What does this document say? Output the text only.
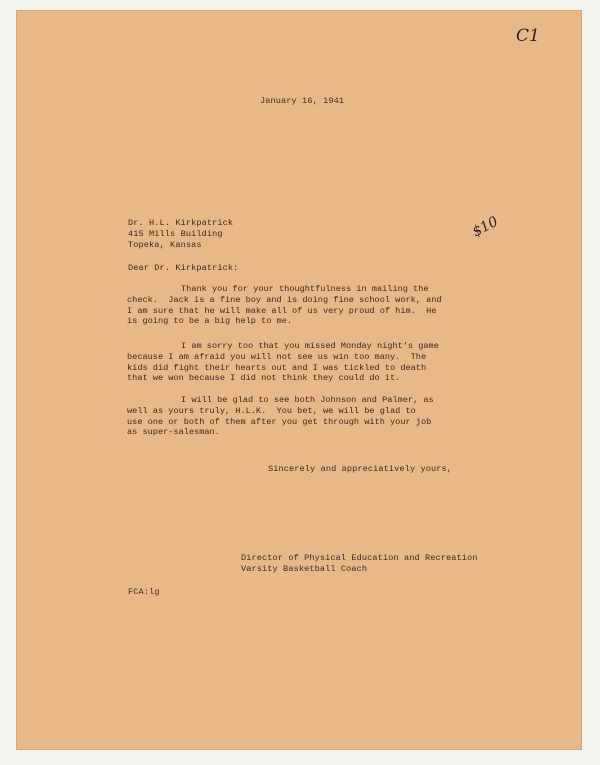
C1
January 16, 1941
Dr. H.L. Kirkpatrick
415 Mills Building
Topeka, Kansas
$10
Dear Dr. Kirkpatrick:
Thank you for your thoughtfulness in mailing the
check.  Jack is a fine boy and is doing fine school work, and
I am sure that he will make all of us very proud of him.  He
is going to be a big help to me.
I am sorry too that you missed Monday night's game
because I am afraid you will not see us win too many.  The
kids did fight their hearts out and I was tickled to death
that we won because I did not think they could do it.
I will be glad to see both Johnson and Palmer, as
well as yours truly, H.L.K.  You bet, we will be glad to
use one or both of them after you get through with your job
as super-salesman.
Sincerely and appreciatively yours,
Director of Physical Education and Recreation
Varsity Basketball Coach
FCA:lg
